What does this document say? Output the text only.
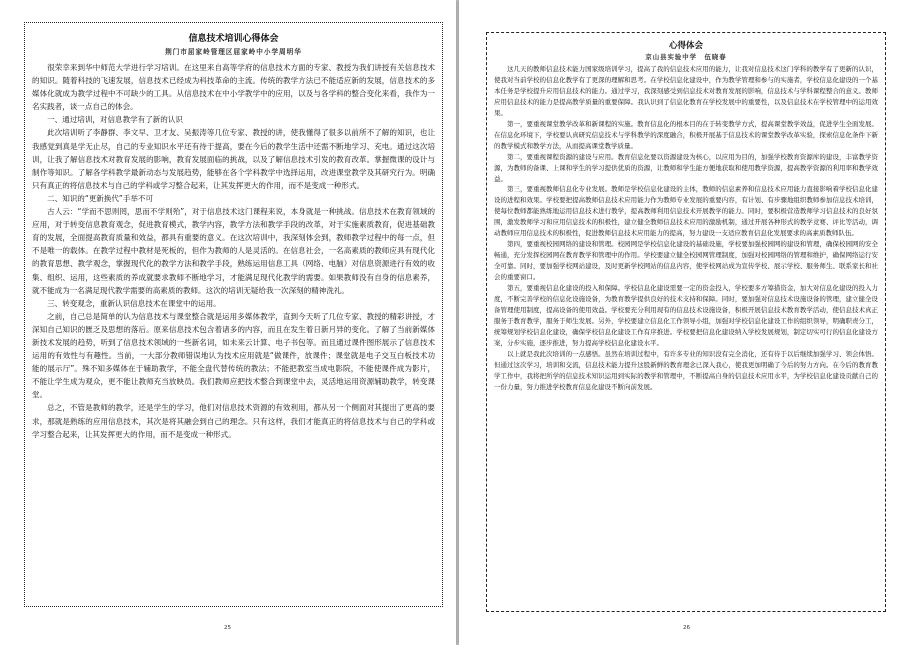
信息技术培训心得体会
荆门市屈家岭管理区屈家岭中小学周明华

很荣幸来到华中师范大学进行学习培训。在这里来自高等学府的信息技术方面的专家、教授为我们讲授有关信息技术的知识。随着科技的飞速发展，信息技术已经成为科技革命的主流。传统的教学方法已不能适应新的发展，信息技术的多媒体化就成为教学过程中不可缺少的工具。从信息技术在中小学教学中的应用，以及与各学科的整合变化来看，我作为一名实践者，谈一点自己的体会。

一、通过培训，对信息教学有了新的认识

此次培训听了李静群、李文早、卫才友、吴振涛等几位专家、教授的讲，使我懂得了很多以前所不了解的知识，也让我感觉到真是学无止尽，自己的专业知识水平还有待于提高，要在今后的教学生活中还需不断地学习、充电。通过这次培训，让我了解信息技术对教育发展的影响，教育发展面临的挑战，以及了解信息技术引发的教育改革。掌握微课的设计与制作等知识。了解各学科教学最新动态与发展趋势，能够在各个学科教学中选择运用，改进课堂教学及其研究行为。明确只有真正的将信息技术与自己的学科或学习整合起来，让其发挥更大的作用，而不是变成一种形式。

二、知识的“更新换代”手举不可

古人云：“学而不思则罔，思而不学则殆”，对于信息技术这门课程来说，本身就是一种挑战。信息技术在教育领域的应用，对于转变信息教育观念，促进教育模式，教学内容，教学方法和教学手段的改革，对于实施素质教育，促进基础教育的发展，全面提高教育质量和效益，都具有重要的意义。在这次培训中，我深刻体会到，教师教学过程中的每一点，但不是唯一的载体。在教学过程中教材是死板的，但作为教师的人是灵活的。在信息社会，一名高素质的教师应具有现代化的教育思想、教学观念，掌握现代化的教学方法和教学手段，熟练运用信息工具（网络、电脑）对信息资源进行有效的收集、组织、运用，这些素质的养成就要求教师不断地学习，才能满足现代化教学的需要。如果教师没有自身的信息素养，就不能成为一名满足现代教学需要的高素质的教师。这次的培训无疑给我一次深刻的精神洗礼。

三、转变观念，重新认识信息技术在课堂中的运用。

之前，自己总是简单的认为信息技术与课堂整合就是运用多媒体教学，直到今天听了几位专家、教授的精彩讲授，才深知自己知识的匮乏及思想的落后。原来信息技术包含着诸多的内容，而且在发生着日新月异的变化。了解了当前新媒体新技术发展的趋势，听到了信息技术领域的一些新名词，如未来云计算、电子书包等。而且通过课件图形展示了信息技术运用的有效性与有趣性。当前，一大部分教师错误地认为技术应用就是“做课件，放课件；课堂就是电子交互白板技术功能的展示厅”。殊不知多媒体在于辅助教学，不能全盘代替传统的教法；不能把教室当成电影院，不能使课件成为影片，不能让学生成为观众，更不能让教师充当放映员。我们教师应把技术整合到课堂中去，灵活地运用资源辅助教学，转变课堂。

总之，不管是教师的教学，还是学生的学习，他们对信息技术资源的有效利用，都从另一个侧面对其提出了更高的要求，那就是熟练的应用信息技术，其次是将其融会到自己的理念。只有这样，我们才能真正的将信息技术与自己的学科或学习整合起来，让其发挥更大的作用，而不是变成一种形式。

25
心得体会
京山县实验中学　伍晓春

这几天的教师信息技术能力国家级培训学习，提高了我的信息技术应用的能力，让我对信息技术这门学科的教学有了更新的认识，使我对当前学校的信息化教学有了更深的理解和思考。在学校信息化建设中，作为教学管理和参与的实施者，学校信息化建设的一个基本任务是学校提升应用信息技术的能力。通过学习，我深刻感受到信息技术对教育发展的影响，信息技术与学科课程整合的意义。教师应用信息技术的能力是提高教学质量的重要保障。我认识到了信息化教育在学校发展中的重要性，以及信息技术在学校管理中的运用效果。

第一，要重视课堂教学改革和新课程的实施。教育信息化的根本目的在于转变教学方式，提高课堂教学效益，促进学生全面发展。在信息化环境下，学校要认真研究信息技术与学科教学的深度融合，积极开展基于信息技术的课堂教学改革实验，探索信息化条件下新的教学模式和教学方法，从而提高课堂教学质量。

第二，要重视课程资源的建设与应用。教育信息化要以资源建设为核心，以应用为目的，加强学校教育资源库的建设，丰富教学资源，为教师的备课、上课和学生的学习提供优质的资源，让教师和学生能方便地获取和使用教学资源，提高教学资源的利用率和教学效益。

第三，要重视教师信息化专业发展。教师是学校信息化建设的主体，教师的信息素养和信息技术应用能力直接影响着学校信息化建设的进程和效果。学校要把提高教师信息技术应用能力作为教师专业发展的重要内容，有计划、有步骤地组织教师参加信息技术培训，使每位教师都能熟练地运用信息技术进行教学，提高教师利用信息技术开展教学的能力。同时，要积极营造教师学习信息技术的良好氛围，激发教师学习和应用信息技术的积极性，建立健全教师信息技术应用的激励机制，通过开展各种形式的教学竞赛、评比等活动，调动教师应用信息技术的积极性，促进教师信息技术应用能力的提高，努力建设一支适应教育信息化发展要求的高素质教师队伍。

第四，要重视校园网络的建设和管理。校园网是学校信息化建设的基础设施，学校要加强校园网的建设和管理，确保校园网的安全畅通，充分发挥校园网在教育教学和管理中的作用。学校要建立健全校园网管理制度，加强对校园网络的管理和维护，确保网络运行安全可靠。同时，要加强学校网站建设，及时更新学校网站的信息内容，使学校网站成为宣传学校、展示学校、服务师生、联系家长和社会的重要窗口。

第五，要重视信息化建设的投入和保障。学校信息化建设需要一定的资金投入，学校要多方筹措资金，加大对信息化建设的投入力度，不断完善学校的信息化设施设备，为教育教学提供良好的技术支持和保障。同时，要加强对信息技术设施设备的管理，建立健全设备管理使用制度，提高设备的使用效益。学校要充分利用现有的信息技术设施设备，积极开展信息技术教育教学活动，使信息技术真正服务于教育教学，服务于师生发展。另外，学校要建立信息化工作领导小组，加强对学校信息化建设工作的组织领导，明确职责分工，统筹规划学校信息化建设，确保学校信息化建设工作有序推进。学校要把信息化建设纳入学校发展规划，制定切实可行的信息化建设方案，分步实施，逐步推进，努力提高学校信息化建设水平。

以上就是我此次培训的一点感悟。虽然在培训过程中，有许多专业的知识没有完全消化，还有待于以后继续加强学习、领会体悟。但通过这次学习，培训和交流，信息技术能力提升这股新鲜的教育理念已深入我心，使我更加明确了今后的努力方向。在今后的教育教学工作中，我将把所学的信息技术知识运用到实际的教学和管理中，不断提高自身的信息技术应用水平，为学校信息化建设贡献自己的一份力量，努力推进学校教育信息化建设不断向前发展。

26
